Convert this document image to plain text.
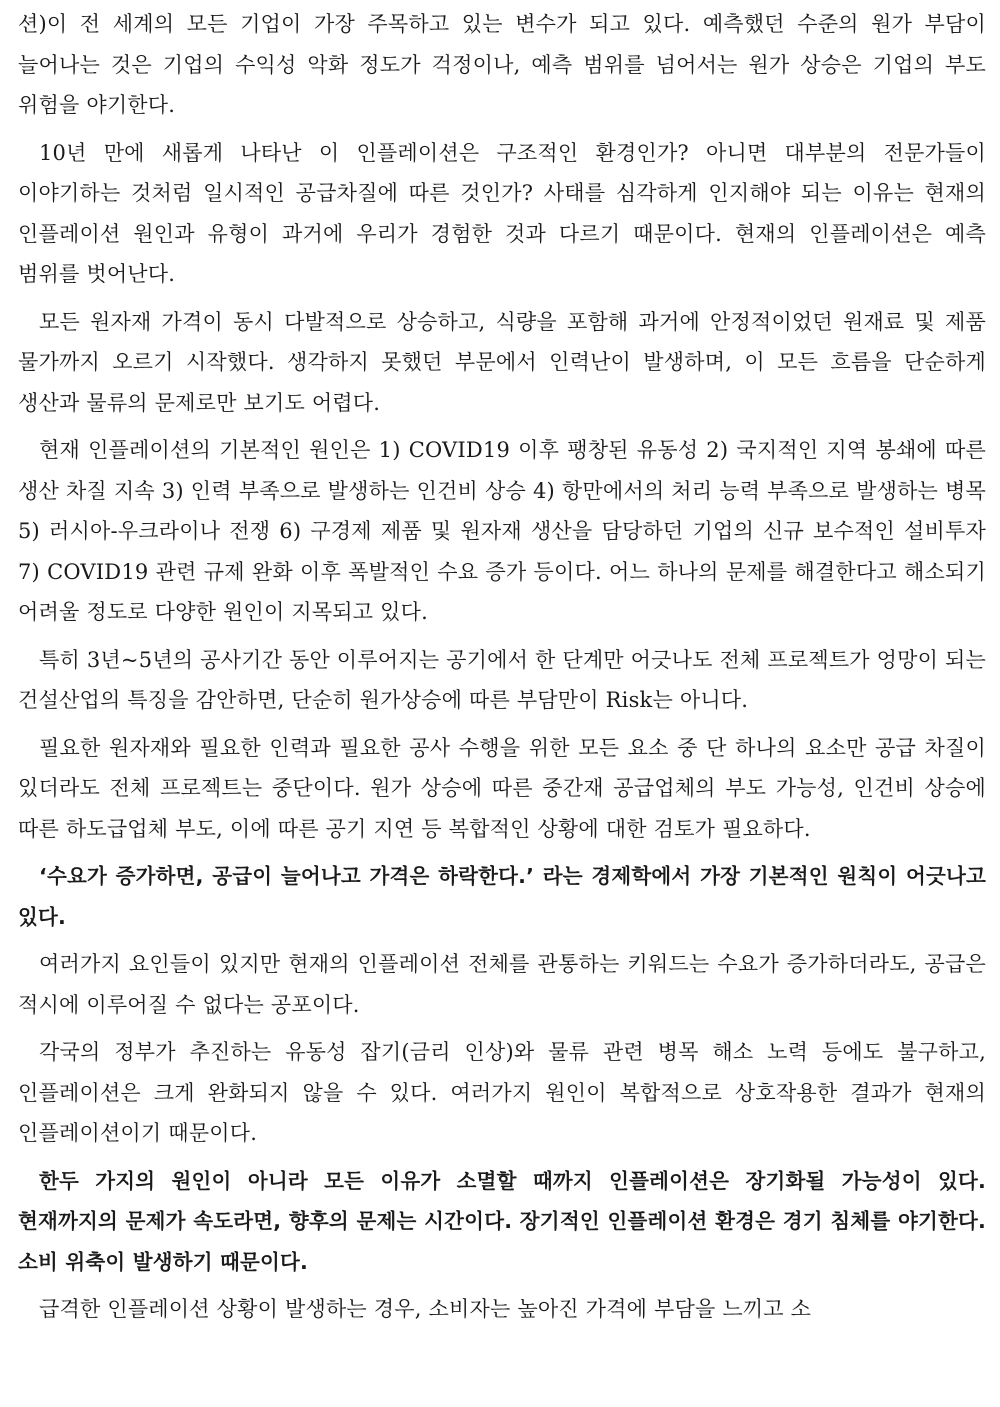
션)이 전 세계의 모든 기업이 가장 주목하고 있는 변수가 되고 있다. 예측했던 수준의 원가 부담이 늘어나는 것은 기업의 수익성 악화 정도가 걱정이나, 예측 범위를 넘어서는 원가 상승은 기업의 부도 위험을 야기한다.

10년 만에 새롭게 나타난 이 인플레이션은 구조적인 환경인가? 아니면 대부분의 전문가들이 이야기하는 것처럼 일시적인 공급차질에 따른 것인가? 사태를 심각하게 인지해야 되는 이유는 현재의 인플레이션 원인과 유형이 과거에 우리가 경험한 것과 다르기 때문이다. 현재의 인플레이션은 예측 범위를 벗어난다.

모든 원자재 가격이 동시 다발적으로 상승하고, 식량을 포함해 과거에 안정적이었던 원재료 및 제품 물가까지 오르기 시작했다. 생각하지 못했던 부문에서 인력난이 발생하며, 이 모든 흐름을 단순하게 생산과 물류의 문제로만 보기도 어렵다.

현재 인플레이션의 기본적인 원인은 1) COVID19 이후 팽창된 유동성 2) 국지적인 지역 봉쇄에 따른 생산 차질 지속 3) 인력 부족으로 발생하는 인건비 상승 4) 항만에서의 처리 능력 부족으로 발생하는 병목 5) 러시아-우크라이나 전쟁 6) 구경제 제품 및 원자재 생산을 담당하던 기업의 신규 보수적인 설비투자 7) COVID19 관련 규제 완화 이후 폭발적인 수요 증가 등이다. 어느 하나의 문제를 해결한다고 해소되기 어려울 정도로 다양한 원인이 지목되고 있다.

특히 3년~5년의 공사기간 동안 이루어지는 공기에서 한 단계만 어긋나도 전체 프로젝트가 엉망이 되는 건설산업의 특징을 감안하면, 단순히 원가상승에 따른 부담만이 Risk는 아니다.

필요한 원자재와 필요한 인력과 필요한 공사 수행을 위한 모든 요소 중 단 하나의 요소만 공급 차질이 있더라도 전체 프로젝트는 중단이다. 원가 상승에 따른 중간재 공급업체의 부도 가능성, 인건비 상승에 따른 하도급업체 부도, 이에 따른 공기 지연 등 복합적인 상황에 대한 검토가 필요하다.

‘수요가 증가하면, 공급이 늘어나고 가격은 하락한다.’ 라는 경제학에서 가장 기본적인 원칙이 어긋나고 있다.

여러가지 요인들이 있지만 현재의 인플레이션 전체를 관통하는 키워드는 수요가 증가하더라도, 공급은 적시에 이루어질 수 없다는 공포이다.

각국의 정부가 추진하는 유동성 잡기(금리 인상)와 물류 관련 병목 해소 노력 등에도 불구하고, 인플레이션은 크게 완화되지 않을 수 있다. 여러가지 원인이 복합적으로 상호작용한 결과가 현재의 인플레이션이기 때문이다.

한두 가지의 원인이 아니라 모든 이유가 소멸할 때까지 인플레이션은 장기화될 가능성이 있다. 현재까지의 문제가 속도라면, 향후의 문제는 시간이다. 장기적인 인플레이션 환경은 경기 침체를 야기한다. 소비 위축이 발생하기 때문이다.

급격한 인플레이션 상황이 발생하는 경우, 소비자는 높아진 가격에 부담을 느끼고 소
